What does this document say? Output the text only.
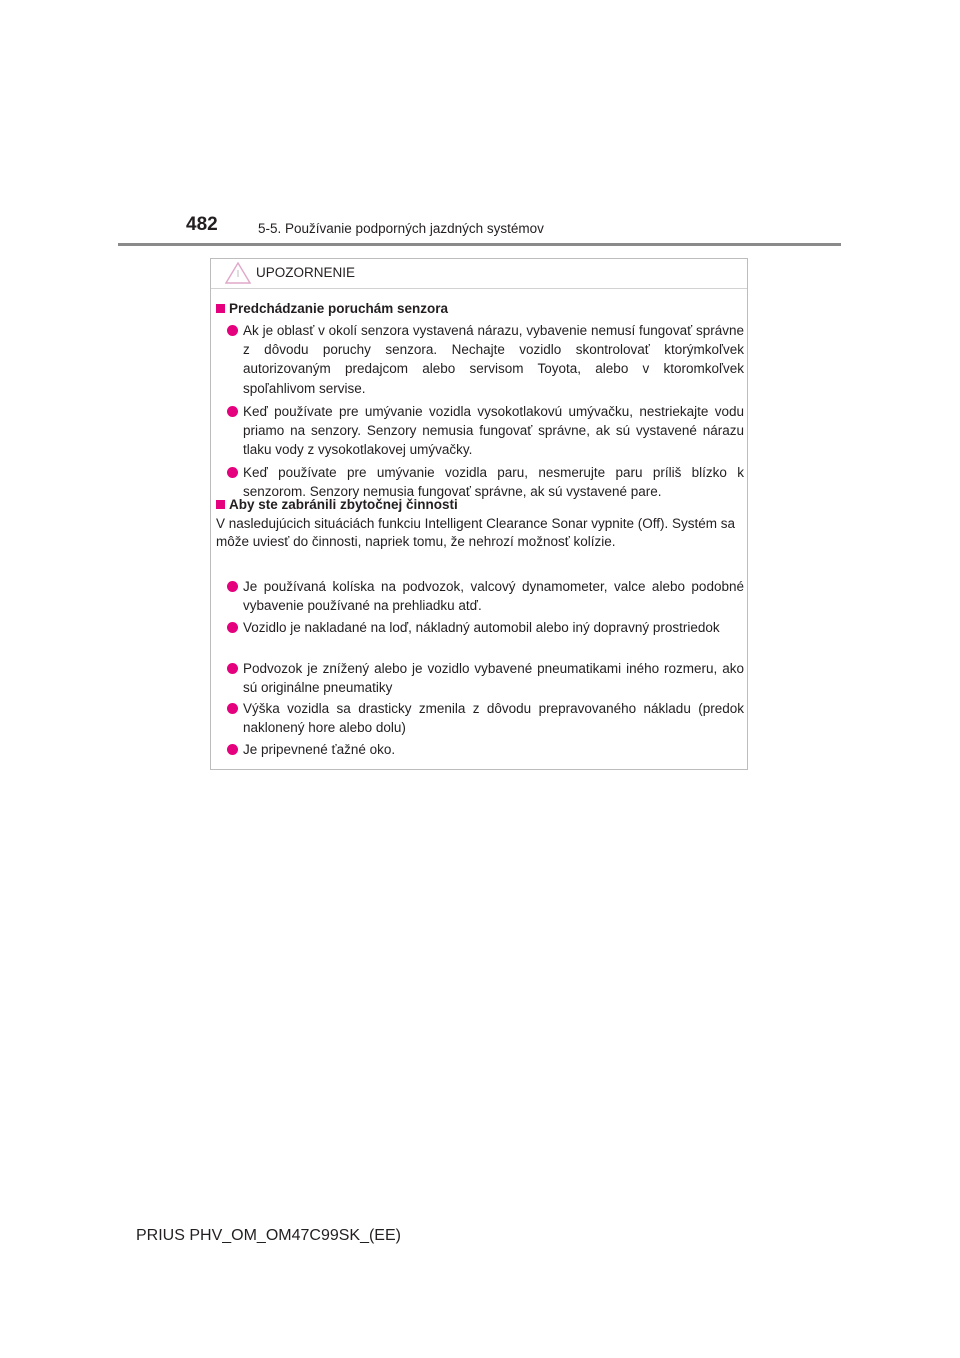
482	5-5. Používanie podporných jazdných systémov
UPOZORNENIE
Predchádzanie poruchám senzora
Ak je oblasť v okolí senzora vystavená nárazu, vybavenie nemusí fungovať správne z dôvodu poruchy senzora. Nechajte vozidlo skontrolovať ktorýmkoľvek autorizovaným predajcom alebo servisom Toyota, alebo v ktoromkoľvek spoľahlivom servise.
Keď používate pre umývanie vozidla vysokotlakovú umývačku, nestriekajte vodu priamo na senzory. Senzory nemusia fungovať správne, ak sú vystavené nárazu tlaku vody z vysokotlakovej umývačky.
Keď používate pre umývanie vozidla paru, nesmerujte paru príliš blízko k senzorom. Senzory nemusia fungovať správne, ak sú vystavené pare.
Aby ste zabránili zbytočnej činnosti
V nasledujúcich situáciách funkciu Intelligent Clearance Sonar vypnite (Off). Systém sa môže uviesť do činnosti, napriek tomu, že nehrozí možnosť kolízie.
Je používaná kolíska na podvozok, valcový dynamometer, valce alebo podobné vybavenie používané na prehliadku atď.
Vozidlo je nakladané na loď, nákladný automobil alebo iný dopravný prostriedok
Podvozok je znížený alebo je vozidlo vybavené pneumatikami iného rozmeru, ako sú originálne pneumatiky
Výška vozidla sa drasticky zmenila z dôvodu prepravovaného nákladu (predok naklonený hore alebo dolu)
Je pripevnené ťažné oko.
PRIUS PHV_OM_OM47C99SK_(EE)
